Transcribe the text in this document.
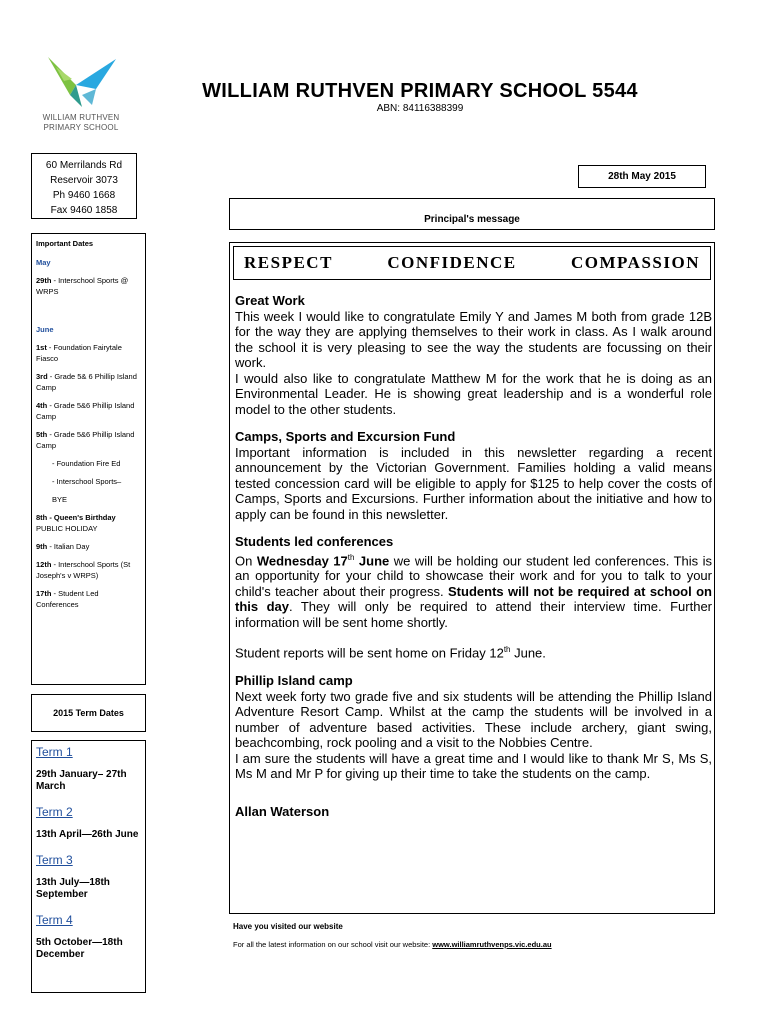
WILLIAM RUTHVEN
PRIMARY SCHOOL
WILLIAM RUTHVEN PRIMARY SCHOOL 5544
ABN: 84116388399
60 Merrilands Rd
Reservoir 3073
Ph 9460 1668
Fax 9460 1858
28th May 2015
Principal's message
Important Dates
May
29th - Interschool Sports @ WRPS
June
1st - Foundation Fairytale Fiasco
3rd - Grade 5& 6 Phillip Island Camp
4th - Grade 5&6 Phillip Island Camp
5th - Grade 5&6 Phillip Island Camp
- Foundation Fire Ed
- Interschool Sports–
BYE
8th - Queen's Birthday
PUBLIC HOLIDAY
9th - Italian Day
12th - Interschool Sports (St Joseph's v WRPS)
17th - Student Led Conferences
2015 Term Dates
Term 1
29th January– 27th March
Term 2
13th April—26th June
Term 3
13th July—18th September
Term 4
5th October—18th December
RESPECT	CONFIDENCE	COMPASSION
Great Work

This week I would like to congratulate Emily Y and James M both from grade 12B for the way they are applying themselves to their work in class. As I walk around the school it is very pleasing to see the way the students are focussing on their work.

I would also like to congratulate Matthew M for the work that he is doing as an Environmental Leader. He is showing great leadership and is a wonderful role model to the other students.

Camps, Sports and Excursion Fund

Important information is included in this newsletter regarding a recent announcement by the Victorian Government. Families holding a valid means tested concession card will be eligible to apply for $125 to help cover the costs of Camps, Sports and Excursions. Further information about the initiative and how to apply can be found in this newsletter.

Students led conferences

On Wednesday 17th June we will be holding our student led conferences. This is an opportunity for your child to showcase their work and for you to talk to your child's teacher about their progress. Students will not be required at school on this day. They will only be required to attend their interview time. Further information will be sent home shortly.

Student reports will be sent home on Friday 12th June.

Phillip Island camp

Next week forty two grade five and six students will be attending the Phillip Island Adventure Resort Camp. Whilst at the camp the students will be involved in a number of adventure based activities. These include archery, giant swing, beachcombing, rock pooling and a visit to the Nobbies Centre.

I am sure the students will have a great time and I would like to thank Mr S, Ms S, Ms M and Mr P for giving up their time to take the students on the camp.

Allan Waterson
Have you visited our website
For all the latest information on our school visit our website: www.williamruthvenps.vic.edu.au
